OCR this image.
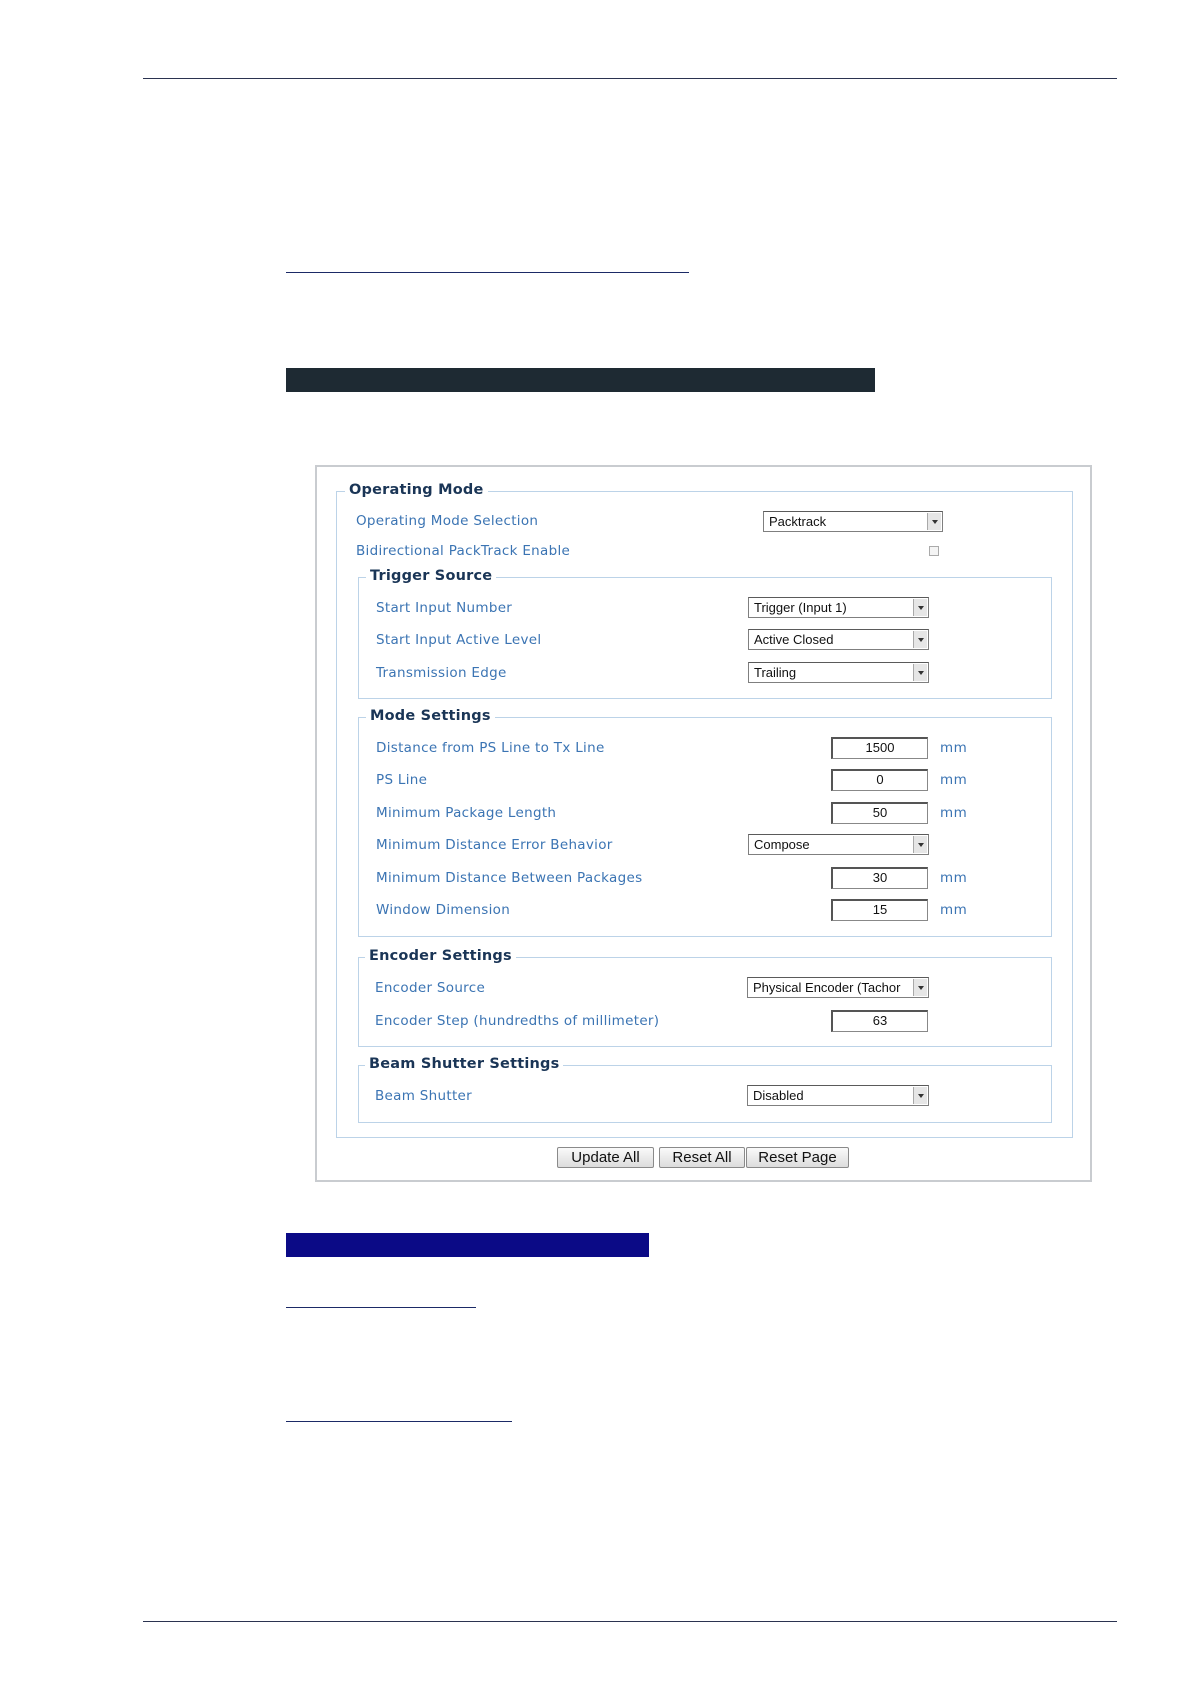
Operating Mode
Operating Mode Selection	Packtrack
Bidirectional PackTrack Enable
Trigger Source
Start Input Number	Trigger (Input 1)
Start Input Active Level	Active Closed
Transmission Edge	Trailing
Mode Settings
Distance from PS Line to Tx Line	1500	mm
PS Line	0	mm
Minimum Package Length	50	mm
Minimum Distance Error Behavior	Compose
Minimum Distance Between Packages	30	mm
Window Dimension	15	mm
Encoder Settings
Encoder Source	Physical Encoder (Tachor
Encoder Step (hundredths of millimeter)	63
Beam Shutter Settings
Beam Shutter	Disabled
Update All	Reset All	Reset Page
